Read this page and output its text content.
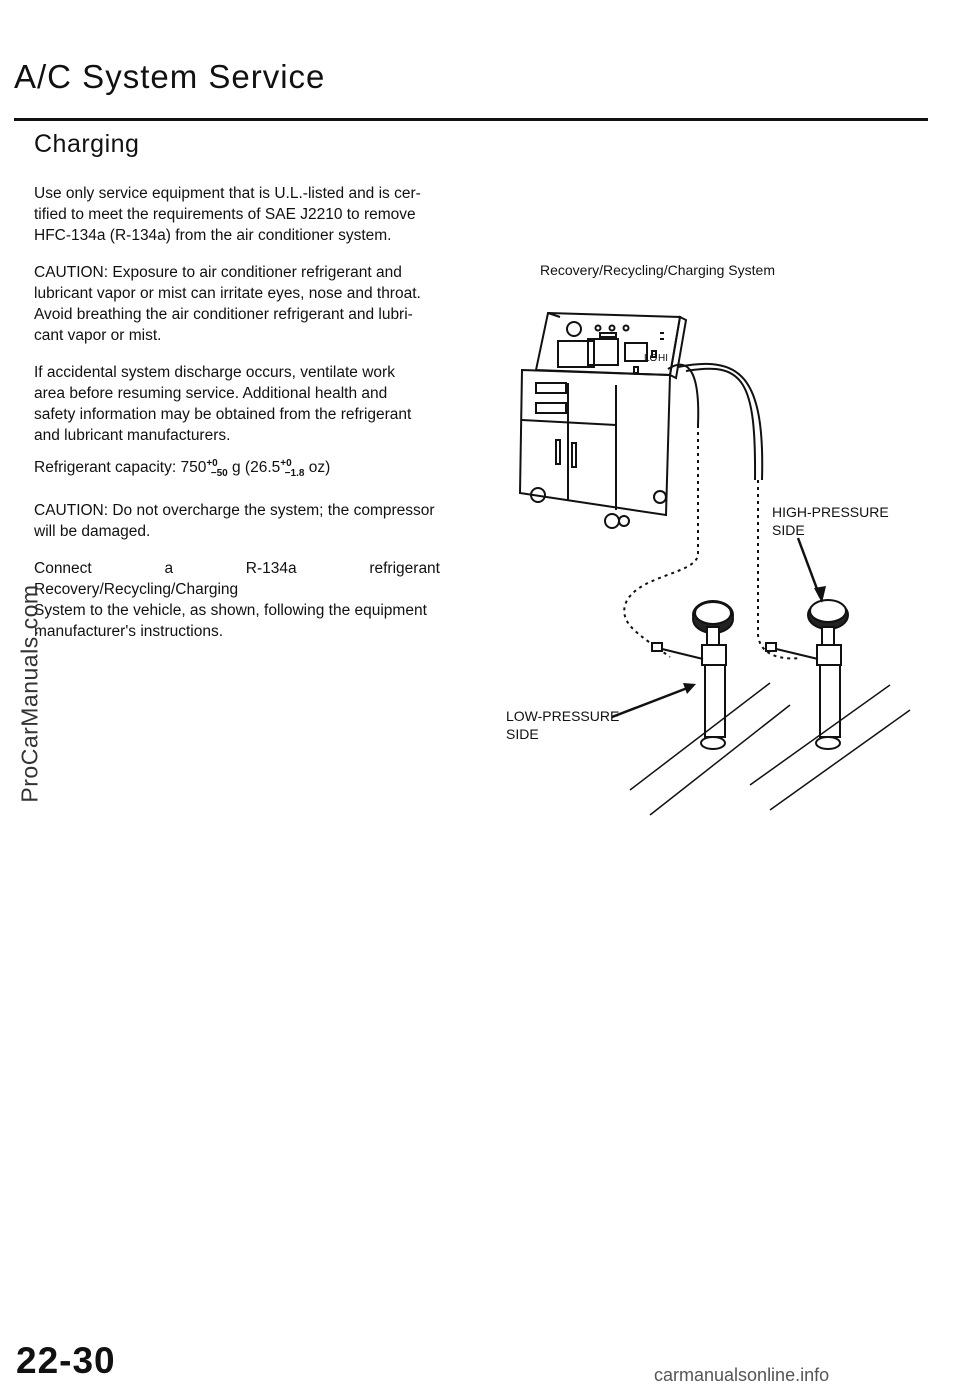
A/C System Service
Charging
Use only service equipment that is U.L.-listed and is cer-
tified to meet the requirements of SAE J2210 to remove
HFC-134a (R-134a) from the air conditioner system.
CAUTION: Exposure to air conditioner refrigerant and
lubricant vapor or mist can irritate eyes, nose and throat.
Avoid breathing the air conditioner refrigerant and lubri-
cant vapor or mist.
If accidental system discharge occurs, ventilate work
area before resuming service. Additional health and
safety information may be obtained from the refrigerant
and lubricant manufacturers.
Refrigerant capacity: $750^{+0}_{-50}$ g ($26.5^{+0}_{-1.8}$ oz)
CAUTION: Do not overcharge the system; the compressor
will be damaged.
Connect a R-134a refrigerant Recovery/Recycling/Charging
System to the vehicle, as shown, following the equipment
manufacturer's instructions.
Recovery/Recycling/Charging System
LO HI
HIGH-PRESSURE
SIDE
LOW-PRESSURE
SIDE
ProCarManuals.com
22-30	carmanualsonline.info
